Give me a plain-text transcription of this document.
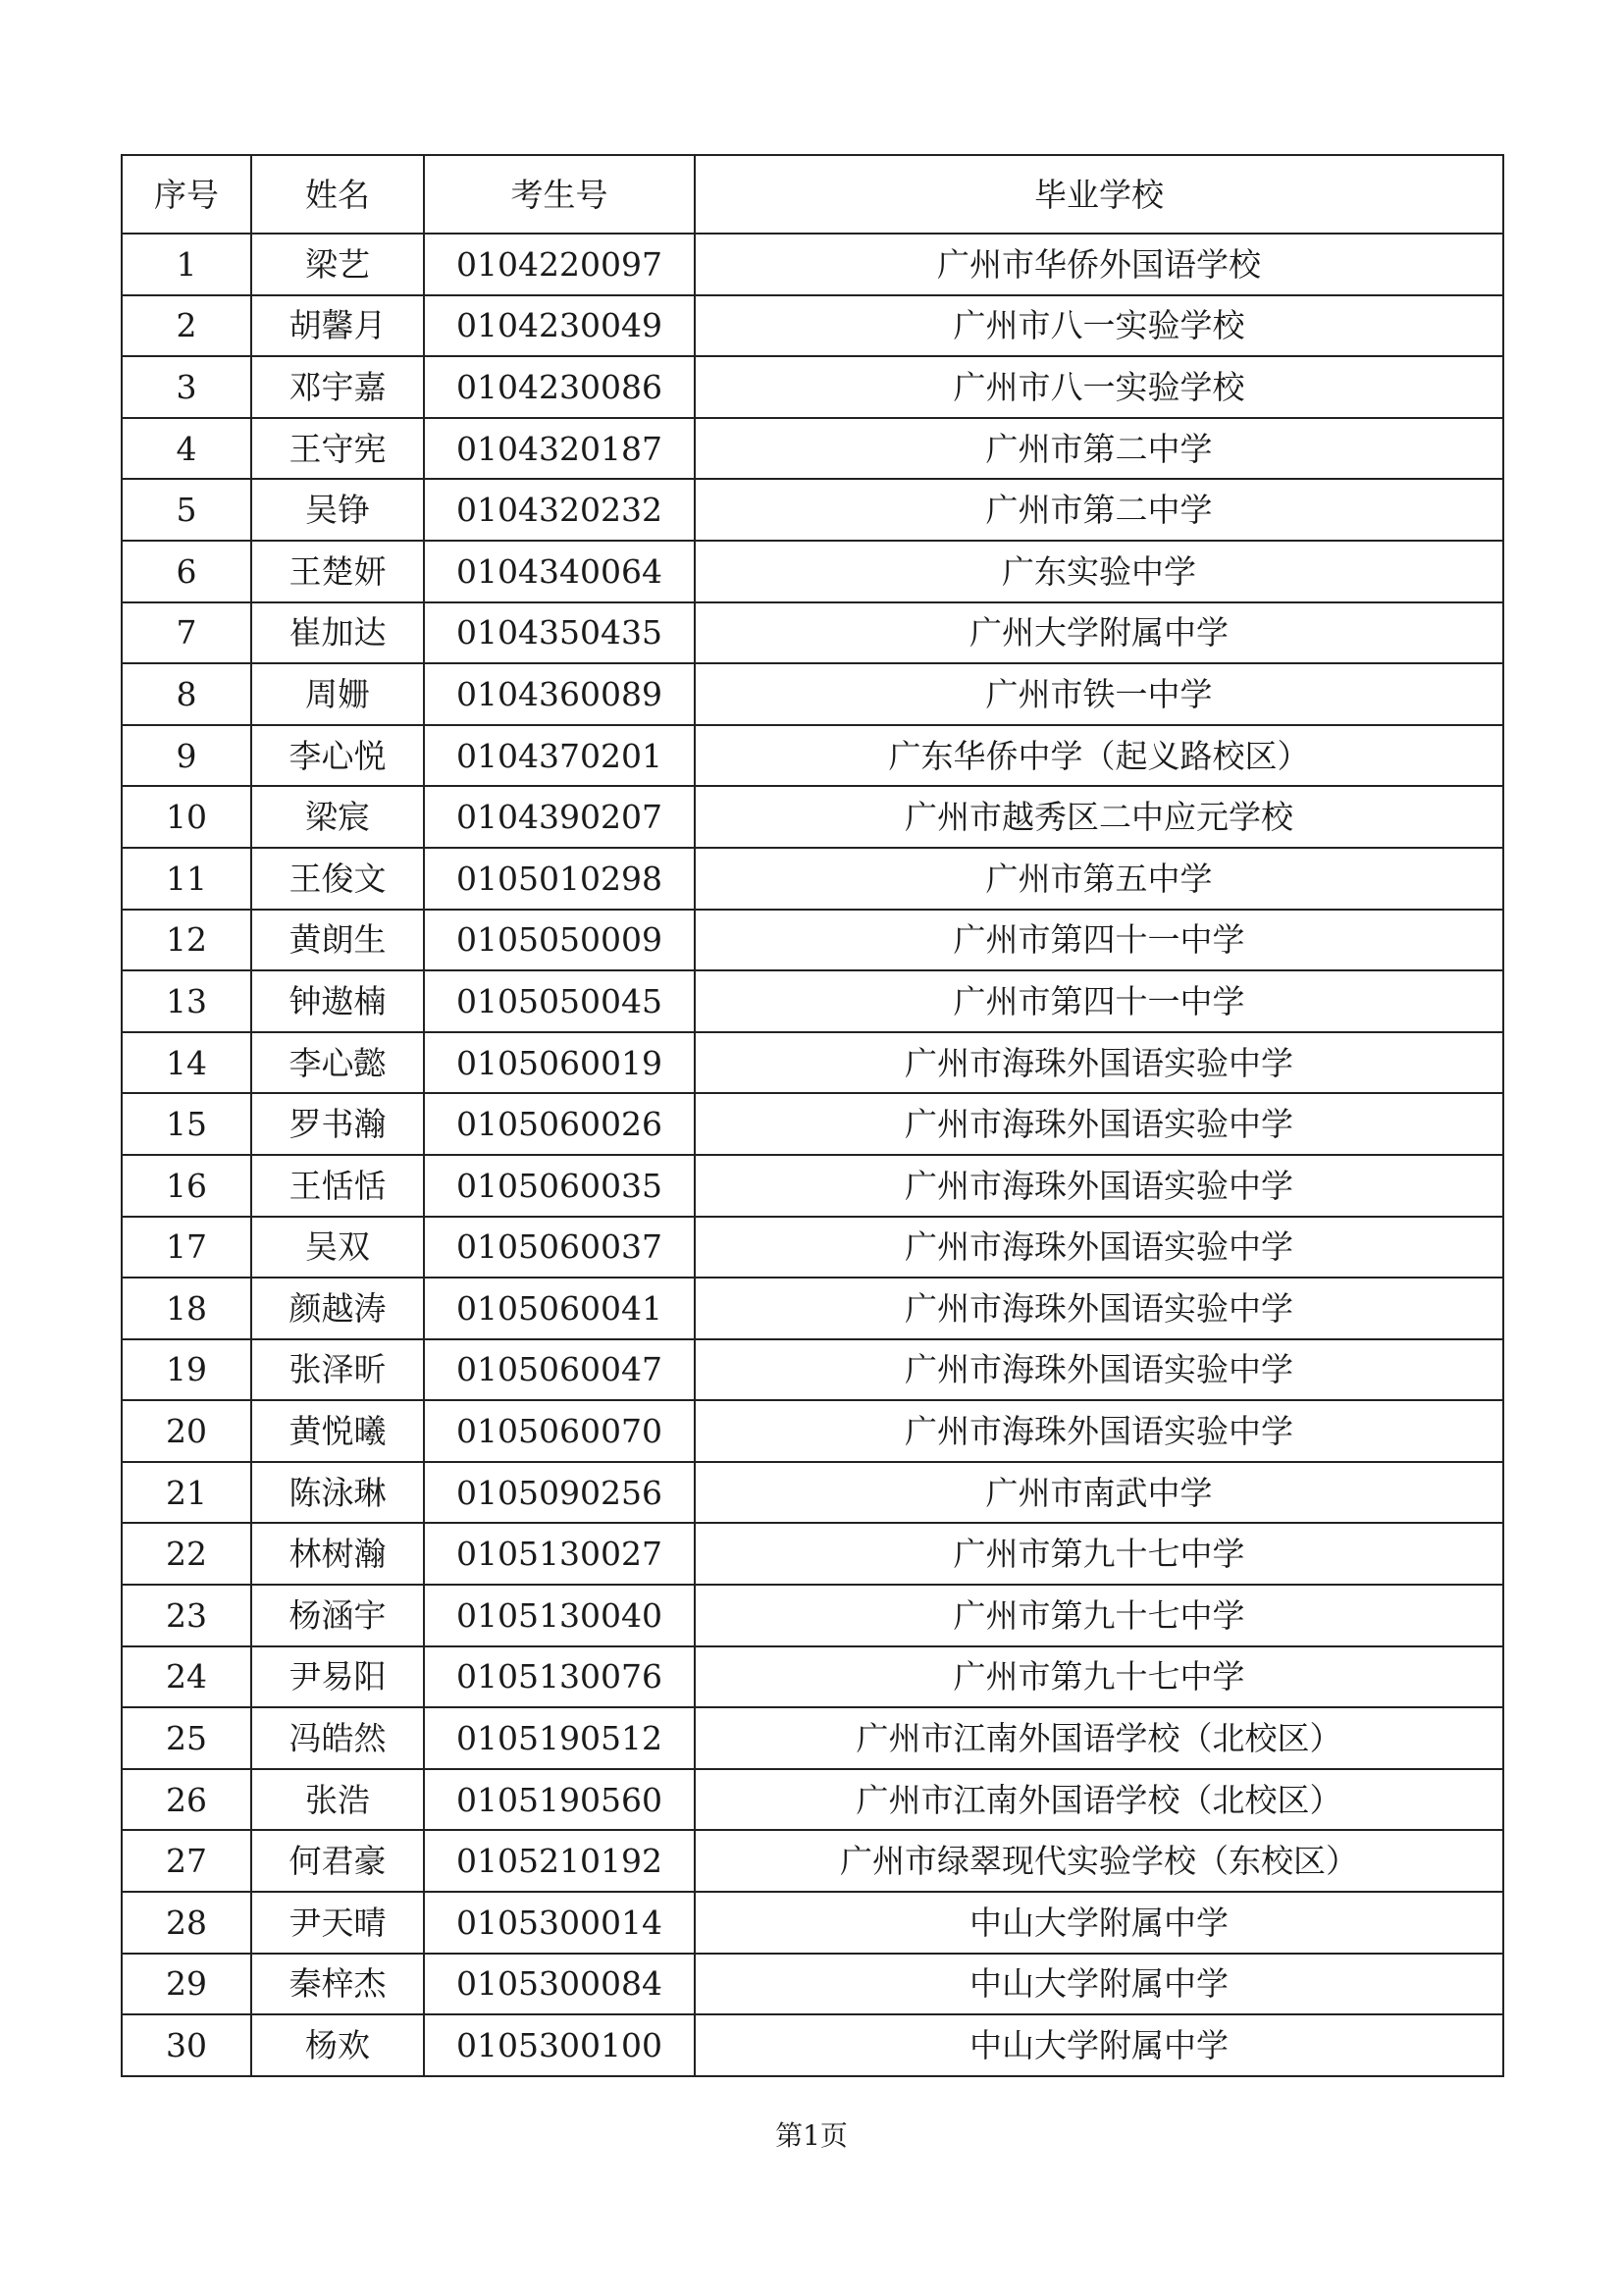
序号	姓名	考生号	毕业学校
1	梁艺	0104220097	广州市华侨外国语学校
2	胡馨月	0104230049	广州市八一实验学校
3	邓宇嘉	0104230086	广州市八一实验学校
4	王守宪	0104320187	广州市第二中学
5	吴铮	0104320232	广州市第二中学
6	王楚妍	0104340064	广东实验中学
7	崔加达	0104350435	广州大学附属中学
8	周姗	0104360089	广州市铁一中学
9	李心悦	0104370201	广东华侨中学（起义路校区）
10	梁宸	0104390207	广州市越秀区二中应元学校
11	王俊文	0105010298	广州市第五中学
12	黄朗生	0105050009	广州市第四十一中学
13	钟遨楠	0105050045	广州市第四十一中学
14	李心懿	0105060019	广州市海珠外国语实验中学
15	罗书瀚	0105060026	广州市海珠外国语实验中学
16	王恬恬	0105060035	广州市海珠外国语实验中学
17	吴双	0105060037	广州市海珠外国语实验中学
18	颜越涛	0105060041	广州市海珠外国语实验中学
19	张泽昕	0105060047	广州市海珠外国语实验中学
20	黄悦曦	0105060070	广州市海珠外国语实验中学
21	陈泳琳	0105090256	广州市南武中学
22	林树瀚	0105130027	广州市第九十七中学
23	杨涵宇	0105130040	广州市第九十七中学
24	尹易阳	0105130076	广州市第九十七中学
25	冯皓然	0105190512	广州市江南外国语学校（北校区）
26	张浩	0105190560	广州市江南外国语学校（北校区）
27	何君豪	0105210192	广州市绿翠现代实验学校（东校区）
28	尹天晴	0105300014	中山大学附属中学
29	秦梓杰	0105300084	中山大学附属中学
30	杨欢	0105300100	中山大学附属中学
第1页
